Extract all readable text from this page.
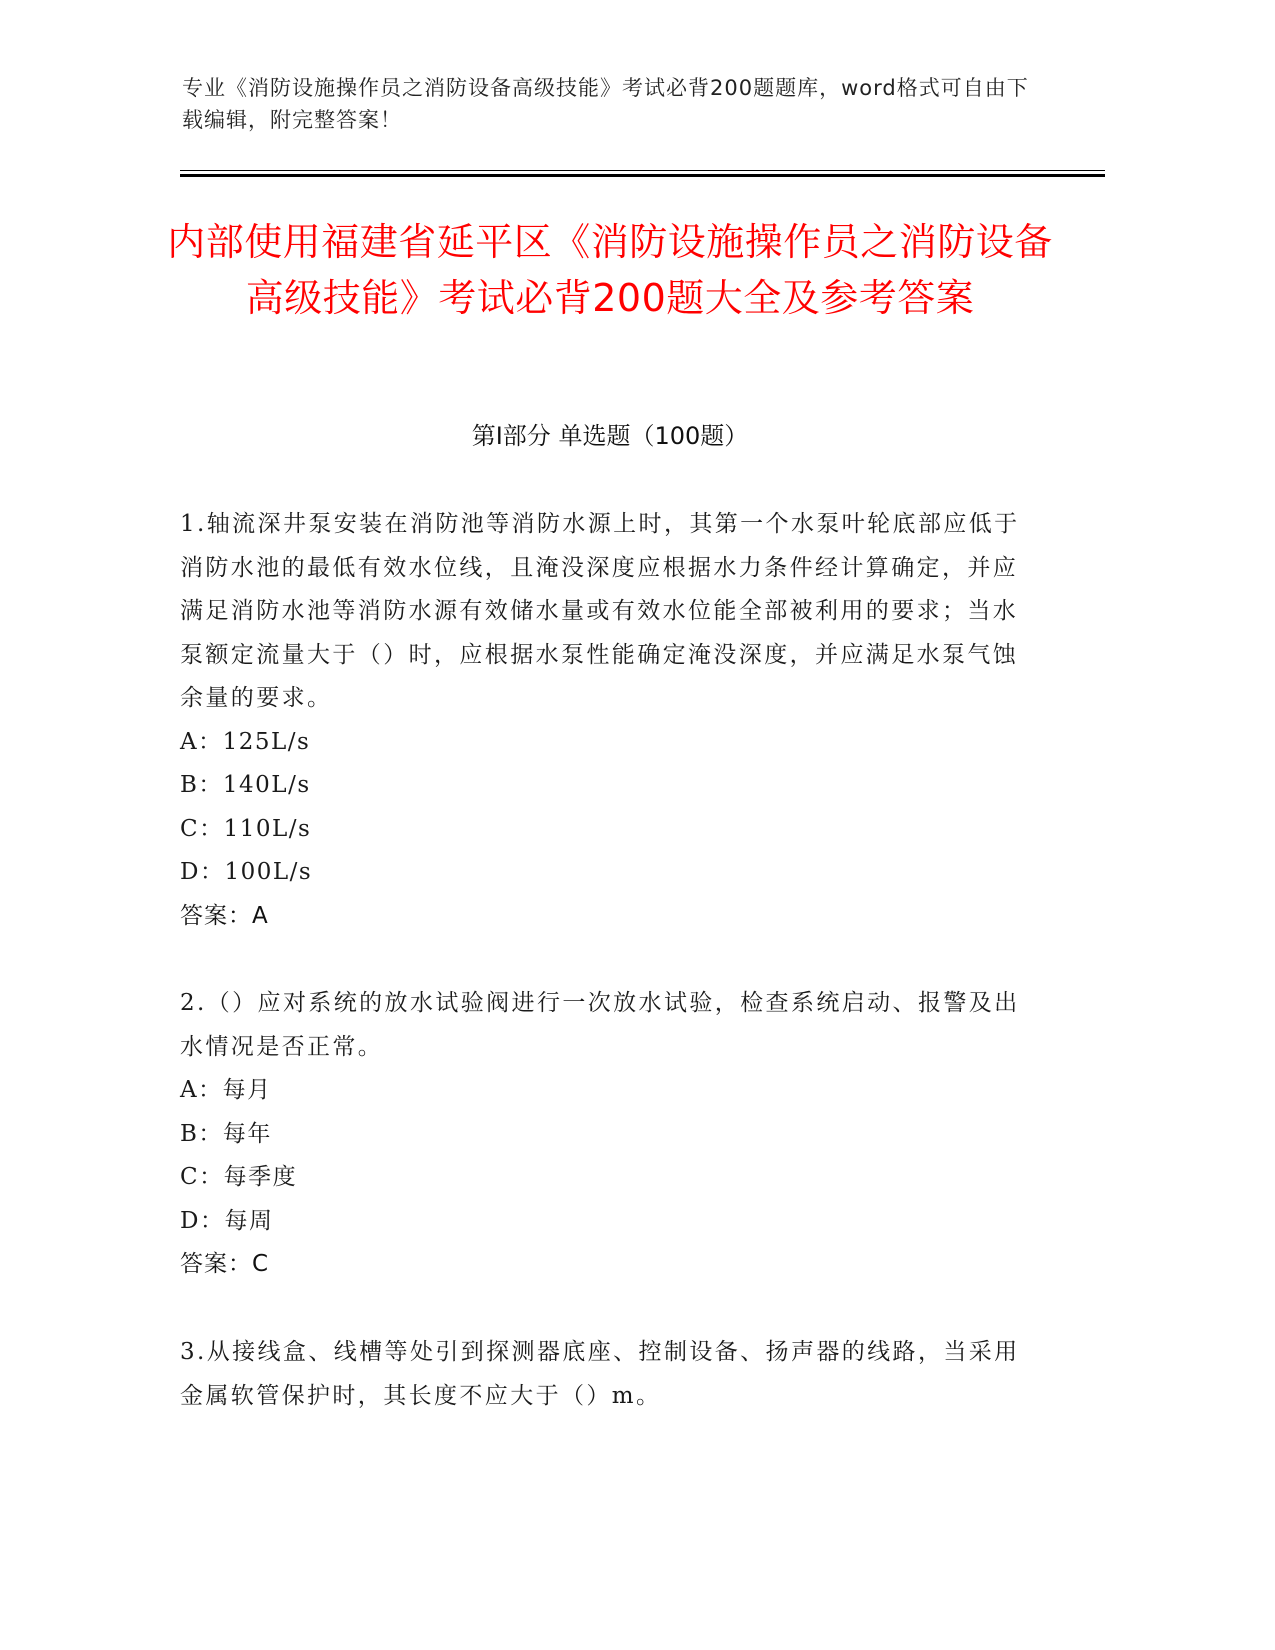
专业《消防设施操作员之消防设备高级技能》考试必背200题题库，word格式可自由下载编辑，附完整答案！
内部使用福建省延平区《消防设施操作员之消防设备高级技能》考试必背200题大全及参考答案
第Ⅰ部分 单选题（100题）

1.轴流深井泵安装在消防池等消防水源上时，其第一个水泵叶轮底部应低于消防水池的最低有效水位线，且淹没深度应根据水力条件经计算确定，并应满足消防水池等消防水源有效储水量或有效水位能全部被利用的要求；当水泵额定流量大于（）时，应根据水泵性能确定淹没深度，并应满足水泵气蚀余量的要求。

A：125L/s

B：140L/s

C：110L/s

D：100L/s

答案：A

2.（）应对系统的放水试验阀进行一次放水试验，检查系统启动、报警及出水情况是否正常。

A：每月

B：每年

C：每季度

D：每周

答案：C

3.从接线盒、线槽等处引到探测器底座、控制设备、扬声器的线路，当采用金属软管保护时，其长度不应大于（）m。
